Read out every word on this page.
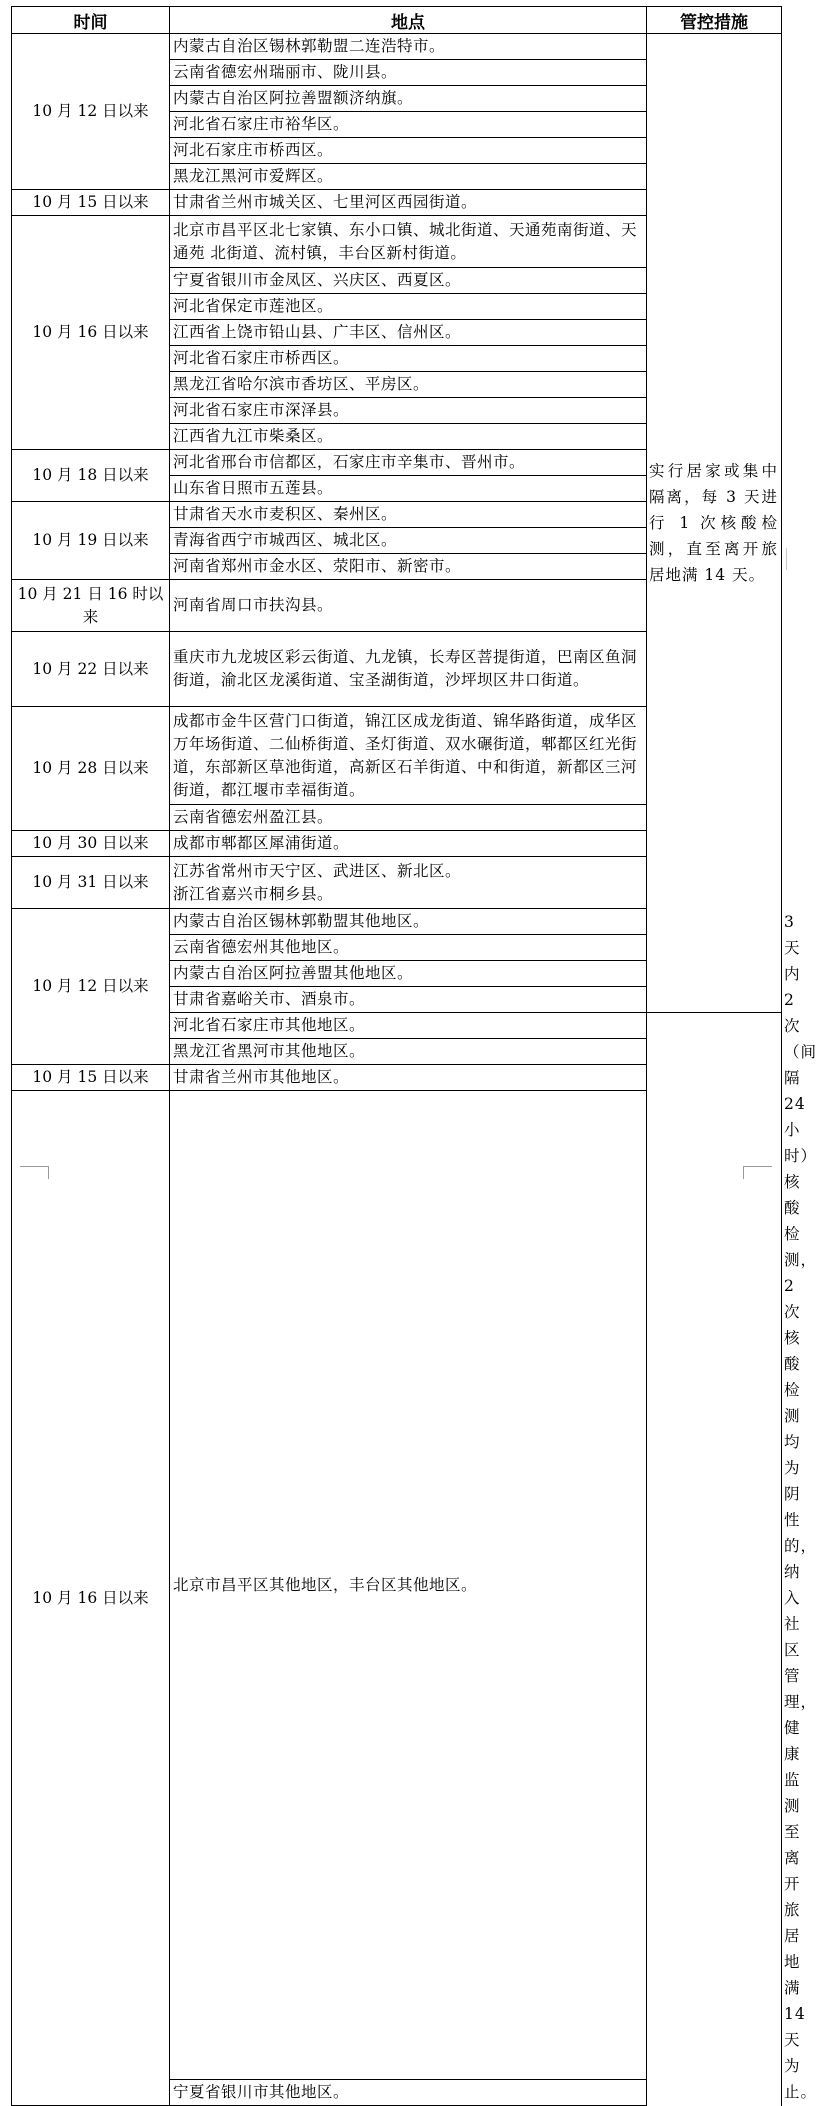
时间	地点	管控措施	
10 月 12 日以来	内蒙古自治区锡林郭勒盟二连浩特市。	实行居家或集中隔离，每 3 天进行 1 次核酸检测，直至离开旅居地满 14 天。	
	云南省德宏州瑞丽市、陇川县。		
	内蒙古自治区阿拉善盟额济纳旗。		
	河北省石家庄市裕华区。		
	河北石家庄市桥西区。		
	黑龙江黑河市爱辉区。		
10 月 15 日以来	甘肃省兰州市城关区、七里河区西园街道。		
10 月 16 日以来	北京市昌平区北七家镇、东小口镇、城北街道、天通苑南街道、天通苑 北街道、流村镇，丰台区新村街道。		
	宁夏省银川市金凤区、兴庆区、西夏区。		
	河北省保定市莲池区。		
	江西省上饶市铅山县、广丰区、信州区。		
	河北省石家庄市桥西区。		
	黑龙江省哈尔滨市香坊区、平房区。		
	河北省石家庄市深泽县。		
	江西省九江市柴桑区。		
10 月 18 日以来	河北省邢台市信都区，石家庄市辛集市、晋州市。		
	山东省日照市五莲县。		
10 月 19 日以来	甘肃省天水市麦积区、秦州区。		
	青海省西宁市城西区、城北区。		
	河南省郑州市金水区、荥阳市、新密市。		
10 月 21 日 16 时以来	河南省周口市扶沟县。		
10 月 22 日以来	重庆市九龙坡区彩云街道、九龙镇，长寿区菩提街道，巴南区鱼洞街道，渝北区龙溪街道、宝圣湖街道，沙坪坝区井口街道。		
10 月 28 日以来	成都市金牛区营门口街道，锦江区成龙街道、锦华路街道，成华区万年场街道、二仙桥街道、圣灯街道、双水碾街道，郫都区红光街道，东部新区草池街道，高新区石羊街道、中和街道，新都区三河街道，都江堰市幸福街道。		
	云南省德宏州盈江县。		
10 月 30 日以来	成都市郫都区犀浦街道。		
10 月 31 日以来	江苏省常州市天宁区、武进区、新北区。
浙江省嘉兴市桐乡县。		
10 月 12 日以来	内蒙古自治区锡林郭勒盟其他地区。		3 天内 2 次（间隔 24 小时）核酸检测，2 次核酸检测均为阴性的，纳入社区管理，健康监测至离开旅居地满 14 天为止。
	云南省德宏州其他地区。		
	内蒙古自治区阿拉善盟其他地区。		
	甘肃省嘉峪关市、酒泉市。		
	河北省石家庄市其他地区。		
	黑龙江省黑河市其他地区。		
10 月 15 日以来	甘肃省兰州市其他地区。		
10 月 16 日以来	北京市昌平区其他地区，丰台区其他地区。		
	宁夏省银川市其他地区。		
